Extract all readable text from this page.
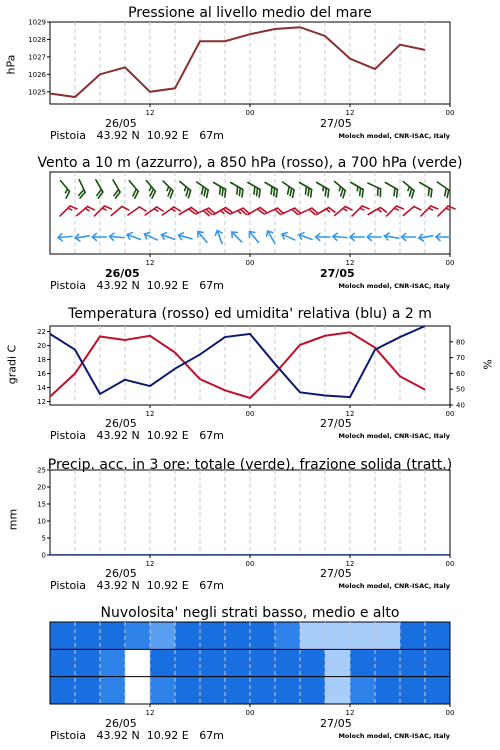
Pressione al livello medio del mare
hPa
12	00	12	00
1025
1026
1027
1028
1029
26/05	27/05
Pistoia 43.92 N 10.92 E 67m	Moloch model, CNR-ISAC, Italy
Vento a 10 m (azzurro), a 850 hPa (rosso), a 700 hPa (verde)
12	00	12	00
26/05	27/05
Pistoia 43.92 N 10.92 E 67m	Moloch model, CNR-ISAC, Italy
Temperatura (rosso) ed umidita' relativa (blu) a 2 m
gradi C	%
12	00	12	00
12
14
16
18
20
22
40
50
60
70
80
26/05	27/05
Pistoia 43.92 N 10.92 E 67m	Moloch model, CNR-ISAC, Italy
Precip. acc. in 3 ore: totale (verde), frazione solida (tratt.)
mm
12	00	12	00
0
5
10
15
20
25
26/05	27/05
Pistoia 43.92 N 10.92 E 67m	Moloch model, CNR-ISAC, Italy
Nuvolosita' negli strati basso, medio e alto
12	00	12	00
26/05	27/05
Pistoia 43.92 N 10.92 E 67m	Moloch model, CNR-ISAC, Italy
